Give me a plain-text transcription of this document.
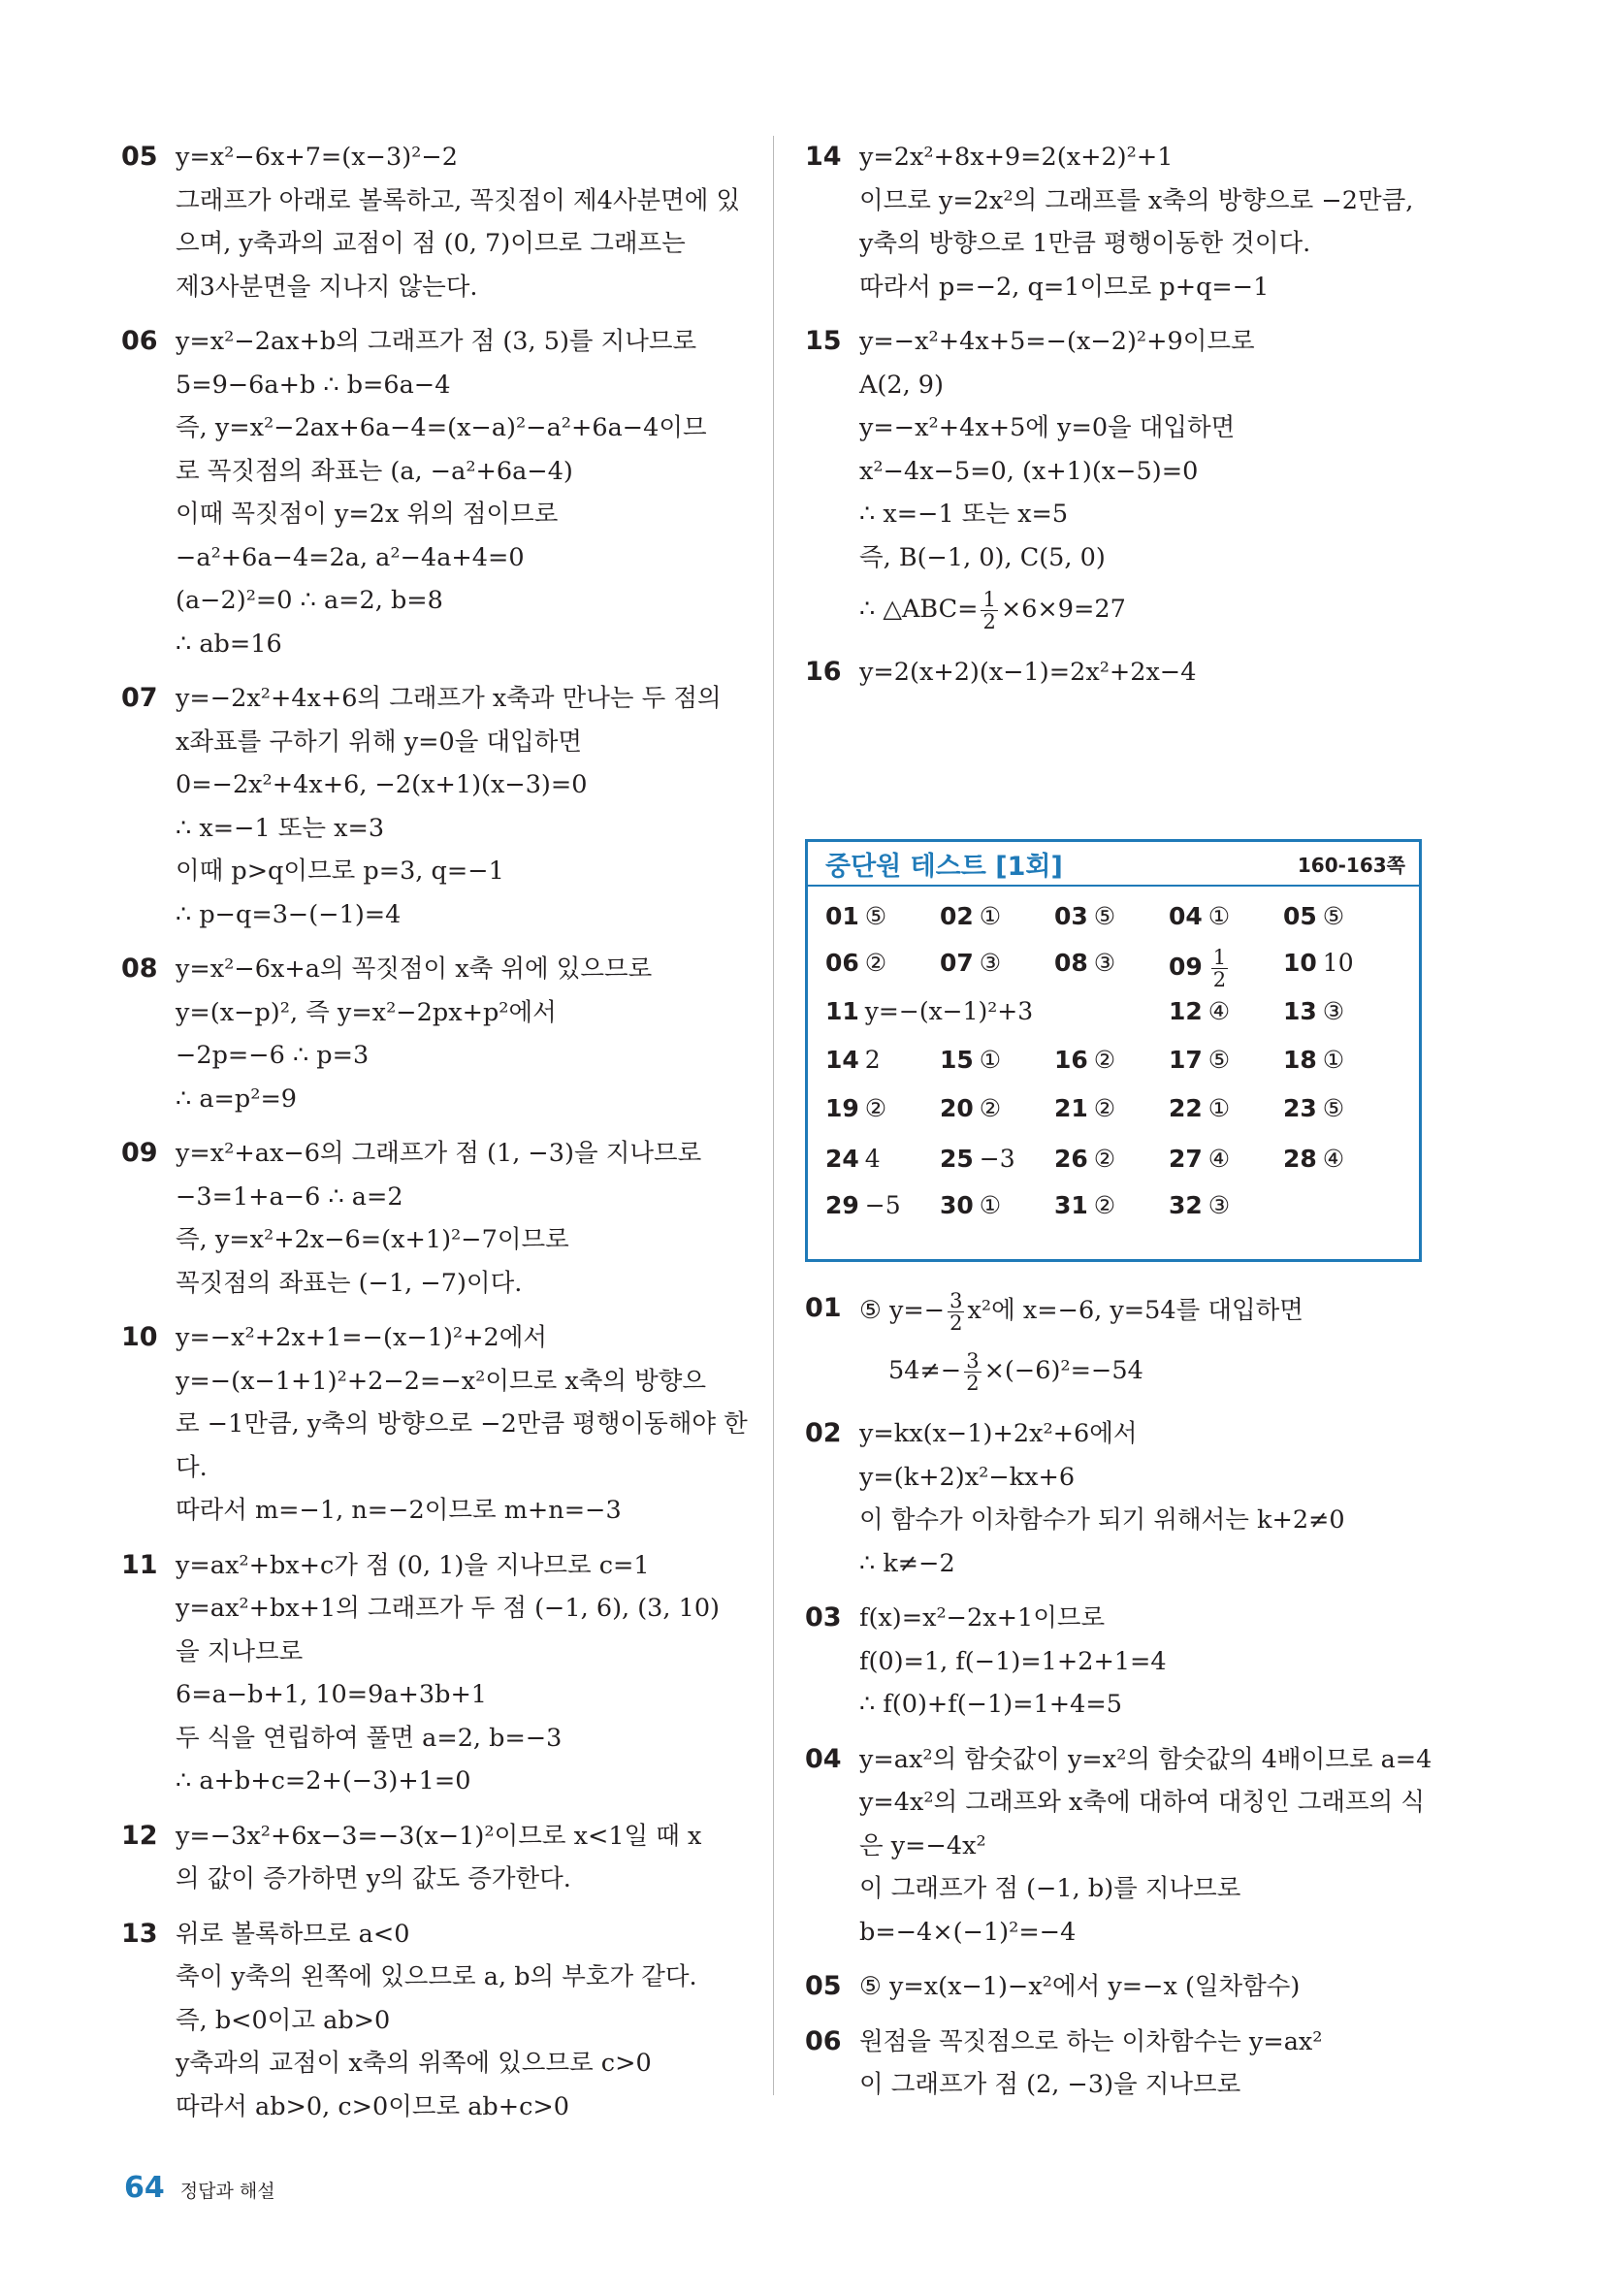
05 y=x²−6x+7=(x−3)²−2
그래프가 아래로 볼록하고, 꼭짓점이 제4사분면에 있
으며, y축과의 교점이 점 (0, 7)이므로 그래프는
제3사분면을 지나지 않는다.
06 y=x²−2ax+b의 그래프가 점 (3, 5)를 지나므로
5=9−6a+b ∴ b=6a−4
즉, y=x²−2ax+6a−4=(x−a)²−a²+6a−4이므
로 꼭짓점의 좌표는 (a, −a²+6a−4)
이때 꼭짓점이 y=2x 위의 점이므로
−a²+6a−4=2a, a²−4a+4=0
(a−2)²=0 ∴ a=2, b=8
∴ ab=16
07 y=−2x²+4x+6의 그래프가 x축과 만나는 두 점의
x좌표를 구하기 위해 y=0을 대입하면
0=−2x²+4x+6, −2(x+1)(x−3)=0
∴ x=−1 또는 x=3
이때 p>q이므로 p=3, q=−1
∴ p−q=3−(−1)=4
08 y=x²−6x+a의 꼭짓점이 x축 위에 있으므로
y=(x−p)², 즉 y=x²−2px+p²에서
−2p=−6 ∴ p=3
∴ a=p²=9
09 y=x²+ax−6의 그래프가 점 (1, −3)을 지나므로
−3=1+a−6 ∴ a=2
즉, y=x²+2x−6=(x+1)²−7이므로
꼭짓점의 좌표는 (−1, −7)이다.
10 y=−x²+2x+1=−(x−1)²+2에서
y=−(x−1+1)²+2−2=−x²이므로 x축의 방향으
로 −1만큼, y축의 방향으로 −2만큼 평행이동해야 한
다.
따라서 m=−1, n=−2이므로 m+n=−3
11 y=ax²+bx+c가 점 (0, 1)을 지나므로 c=1
y=ax²+bx+1의 그래프가 두 점 (−1, 6), (3, 10)
을 지나므로
6=a−b+1, 10=9a+3b+1
두 식을 연립하여 풀면 a=2, b=−3
∴ a+b+c=2+(−3)+1=0
12 y=−3x²+6x−3=−3(x−1)²이므로 x<1일 때 x
의 값이 증가하면 y의 값도 증가한다.
13 위로 볼록하므로 a<0
축이 y축의 왼쪽에 있으므로 a, b의 부호가 같다.
즉, b<0이고 ab>0
y축과의 교점이 x축의 위쪽에 있으므로 c>0
따라서 ab>0, c>0이므로 ab+c>0
14 y=2x²+8x+9=2(x+2)²+1
이므로 y=2x²의 그래프를 x축의 방향으로 −2만큼,
y축의 방향으로 1만큼 평행이동한 것이다.
따라서 p=−2, q=1이므로 p+q=−1
15 y=−x²+4x+5=−(x−2)²+9이므로
A(2, 9)
y=−x²+4x+5에 y=0을 대입하면
x²−4x−5=0, (x+1)(x−5)=0
∴ x=−1 또는 x=5
즉, B(−1, 0), C(5, 0)
∴ △ABC= $\frac{1}{2} \times 6\times 9=27$
16 y=2(x+2)(x−1)=2x²+2x−4
01 ⑤ $y=- \frac{3}{2} x^2$에 x=−6, y=54를 대입하면
$54\ne- \frac{3}{2} \times(-6)^2=-54$
02 y=kx(x−1)+2x²+6에서
y=(k+2)x²−kx+6
이 함수가 이차함수가 되기 위해서는 k+2≠0
∴ k≠−2
03 f(x)=x²−2x+1이므로
f(0)=1, f(−1)=1+2+1=4
∴ f(0)+f(−1)=1+4=5
04 y=ax²의 함숫값이 y=x²의 함숫값의 4배이므로 a=4
y=4x²의 그래프와 x축에 대하여 대칭인 그래프의 식
은 y=−4x²
이 그래프가 점 (−1, b)를 지나므로
b=−4×(−1)²=−4
05 ⑤ y=x(x−1)−x²에서 y=−x (일차함수)
06 원점을 꼭짓점으로 하는 이차함수는 y=ax²
이 그래프가 점 (2, −3)을 지나므로
중단원 테스트 [1회]	160-163쪽
01 ⑤ 02 ① 03 ⑤ 04 ① 05 ⑤
06 ② 07 ③ 08 ③ $09 \frac{1}{2} 10$ 10
11 y=−(x−1)²+3	12 ④ 13 ③
14 2 15 ① 16 ② 17 ⑤ 18 ①
19 ② 20 ② 21 ② 22 ① 23 ⑤
24 4 25 −3 26 ② 27 ④ 28 ④
29 −5 30 ① 31 ② 32 ③
64 정답과 해설
